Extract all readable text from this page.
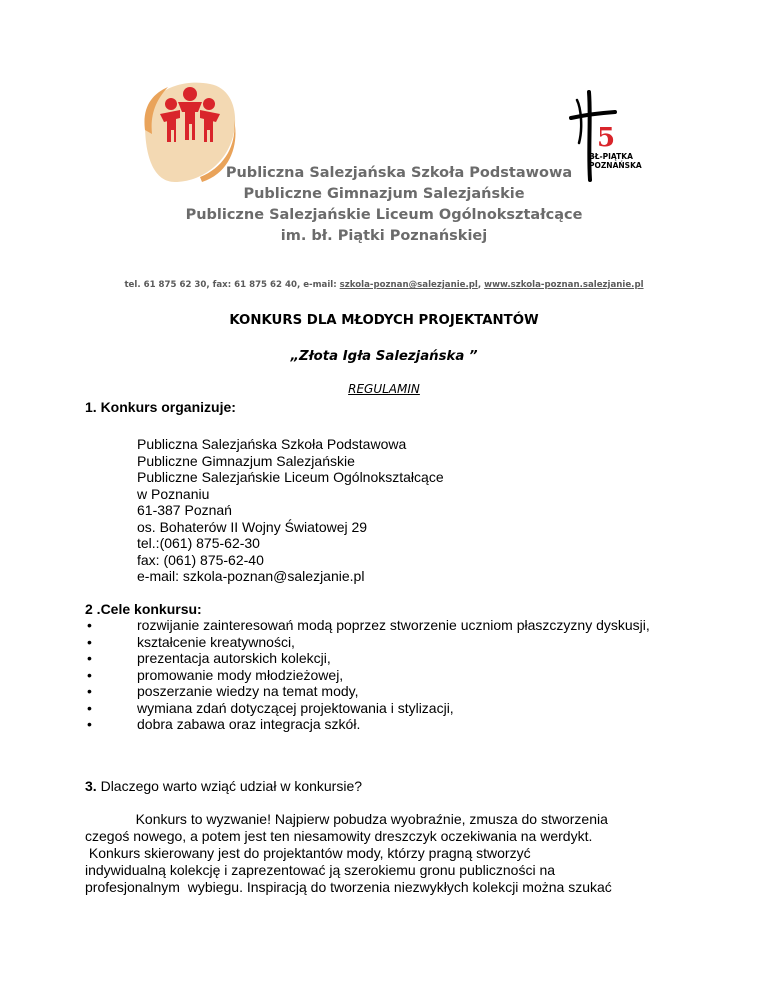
5
BŁ-PIĄTKA
POZNAŃSKA
Publiczna Salezjańska Szkoła Podstawowa
Publiczne Gimnazjum Salezjańskie
Publiczne Salezjańskie Liceum Ogólnokształcące
im. bł. Piątki Poznańskiej
tel. 61 875 62 30, fax: 61 875 62 40, e-mail: szkola-poznan@salezjanie.pl, www.szkola-poznan.salezjanie.pl
KONKURS DLA MŁODYCH PROJEKTANTÓW
„Złota Igła Salezjańska ”
REGULAMIN
1. Konkurs organizuje:
Publiczna Salezjańska Szkoła Podstawowa
Publiczne Gimnazjum Salezjańskie
Publiczne Salezjańskie Liceum Ogólnokształcące
w Poznaniu
61-387 Poznań
os. Bohaterów II Wojny Światowej 29
tel.:(061) 875-62-30
fax: (061) 875-62-40
e-mail: szkola-poznan@salezjanie.pl
2 .Cele konkursu:
•	rozwijanie zainteresowań modą poprzez stworzenie uczniom płaszczyzny dyskusji,
•	kształcenie kreatywności,
•	prezentacja autorskich kolekcji,
•	promowanie mody młodzieżowej,
•	poszerzanie wiedzy na temat mody,
•	wymiana zdań dotyczącej projektowania i stylizacji,
•	dobra zabawa oraz integracja szkół.
3. Dlaczego warto wziąć udział w konkursie?

Konkurs to wyzwanie! Najpierw pobudza wyobraźnie, zmusza do stworzenia

czegoś nowego, a potem jest ten niesamowity dreszczyk oczekiwania na werdykt.

Konkurs skierowany jest do projektantów mody, którzy pragną stworzyć

indywidualną kolekcję i zaprezentować ją szerokiemu gronu publiczności na

profesjonalnym  wybiegu. Inspiracją do tworzenia niezwykłych kolekcji można szukać
